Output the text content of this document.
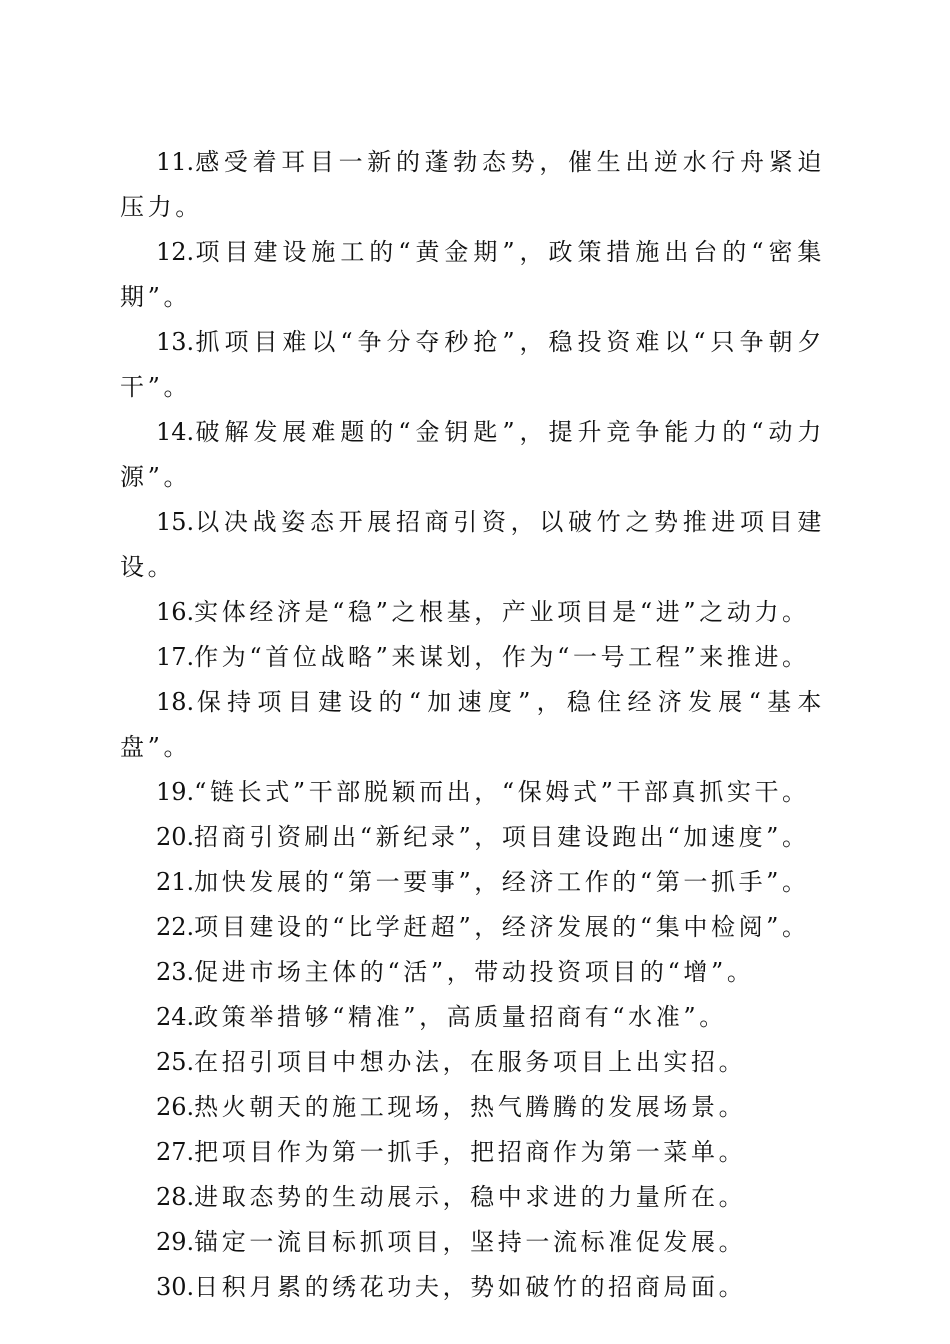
11.感受着耳目一新的蓬勃态势，催生出逆水行舟紧迫压力。

12.项目建设施工的“黄金期”，政策措施出台的“密集期”。

13.抓项目难以“争分夺秒抢”，稳投资难以“只争朝夕干”。

14.破解发展难题的“金钥匙”，提升竞争能力的“动力源”。

15.以决战姿态开展招商引资，以破竹之势推进项目建设。

16.实体经济是“稳”之根基，产业项目是“进”之动力。

17.作为“首位战略”来谋划，作为“一号工程”来推进。

18.保持项目建设的“加速度”，稳住经济发展“基本盘”。

19.“链长式”干部脱颖而出，“保姆式”干部真抓实干。

20.招商引资刷出“新纪录”，项目建设跑出“加速度”。

21.加快发展的“第一要事”，经济工作的“第一抓手”。

22.项目建设的“比学赶超”，经济发展的“集中检阅”。

23.促进市场主体的“活”，带动投资项目的“增”。

24.政策举措够“精准”，高质量招商有“水准”。

25.在招引项目中想办法，在服务项目上出实招。

26.热火朝天的施工现场，热气腾腾的发展场景。

27.把项目作为第一抓手，把招商作为第一菜单。

28.进取态势的生动展示，稳中求进的力量所在。

29.锚定一流目标抓项目，坚持一流标准促发展。

30.日积月累的绣花功夫，势如破竹的招商局面。
